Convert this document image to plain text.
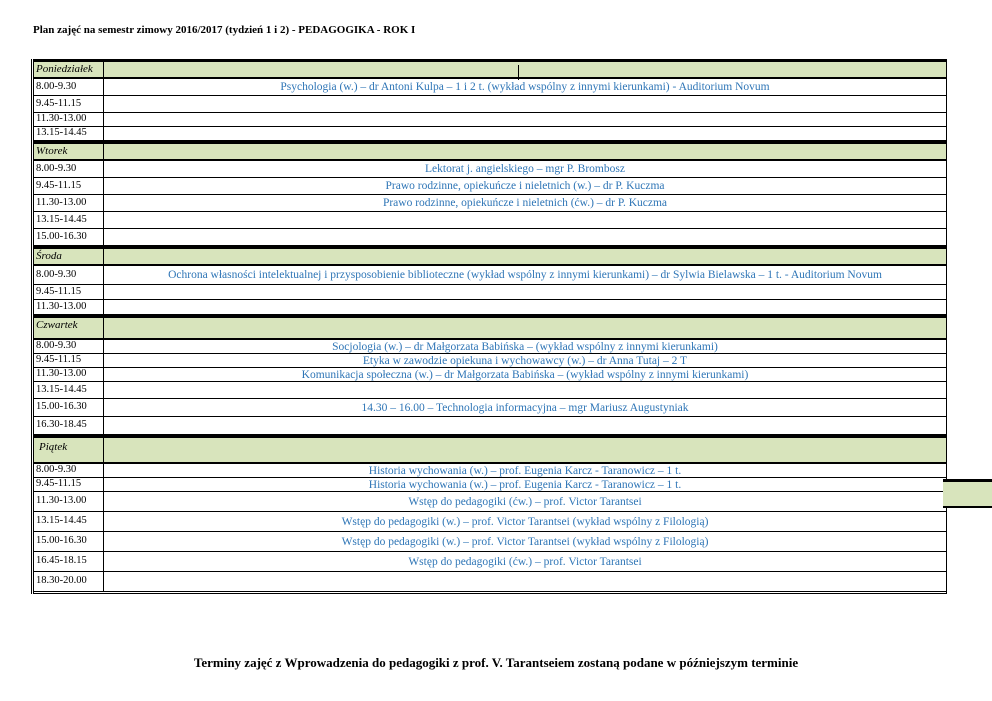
Plan zajęć na semestr zimowy 2016/2017 (tydzień 1 i 2) - PEDAGOGIKA - ROK I
Poniedziałek
8.00-9.30	Psychologia (w.) – dr Antoni Kulpa – 1 i 2 t. (wykład wspólny z innymi kierunkami) - Auditorium Novum
9.45-11.15
11.30-13.00
13.15-14.45
Wtorek
8.00-9.30	Lektorat j. angielskiego – mgr P. Brombosz
9.45-11.15	Prawo rodzinne, opiekuńcze i nieletnich (w.) – dr P. Kuczma
11.30-13.00	Prawo rodzinne, opiekuńcze i nieletnich (ćw.) – dr P. Kuczma
13.15-14.45
15.00-16.30
Środa
8.00-9.30	Ochrona własności intelektualnej i przysposobienie biblioteczne (wykład wspólny z innymi kierunkami) – dr Sylwia Bielawska – 1 t. - Auditorium Novum
9.45-11.15
11.30-13.00
Czwartek
8.00-9.30	Socjologia (w.) – dr Małgorzata Babińska – (wykład wspólny z innymi kierunkami)
9.45-11.15	Etyka w zawodzie opiekuna i wychowawcy (w.) – dr Anna Tutaj – 2 T
11.30-13.00	Komunikacja społeczna (w.) – dr Małgorzata Babińska – (wykład wspólny z innymi kierunkami)
13.15-14.45
15.00-16.30	14.30 – 16.00 – Technologia informacyjna – mgr Mariusz Augustyniak
16.30-18.45
Piątek
8.00-9.30	Historia wychowania (w.) – prof. Eugenia Karcz - Taranowicz – 1 t.
9.45-11.15	Historia wychowania (w.) – prof. Eugenia Karcz - Taranowicz – 1 t.
11.30-13.00	Wstęp do pedagogiki (ćw.) – prof. Victor Tarantsei
13.15-14.45	Wstęp do pedagogiki (w.) – prof. Victor Tarantsei (wykład wspólny z Filologią)
15.00-16.30	Wstęp do pedagogiki (w.) – prof. Victor Tarantsei (wykład wspólny z Filologią)
16.45-18.15	Wstęp do pedagogiki (ćw.) – prof. Victor Tarantsei
18.30-20.00
Terminy zajęć z Wprowadzenia do pedagogiki z prof. V. Tarantseiem zostaną podane w późniejszym terminie
